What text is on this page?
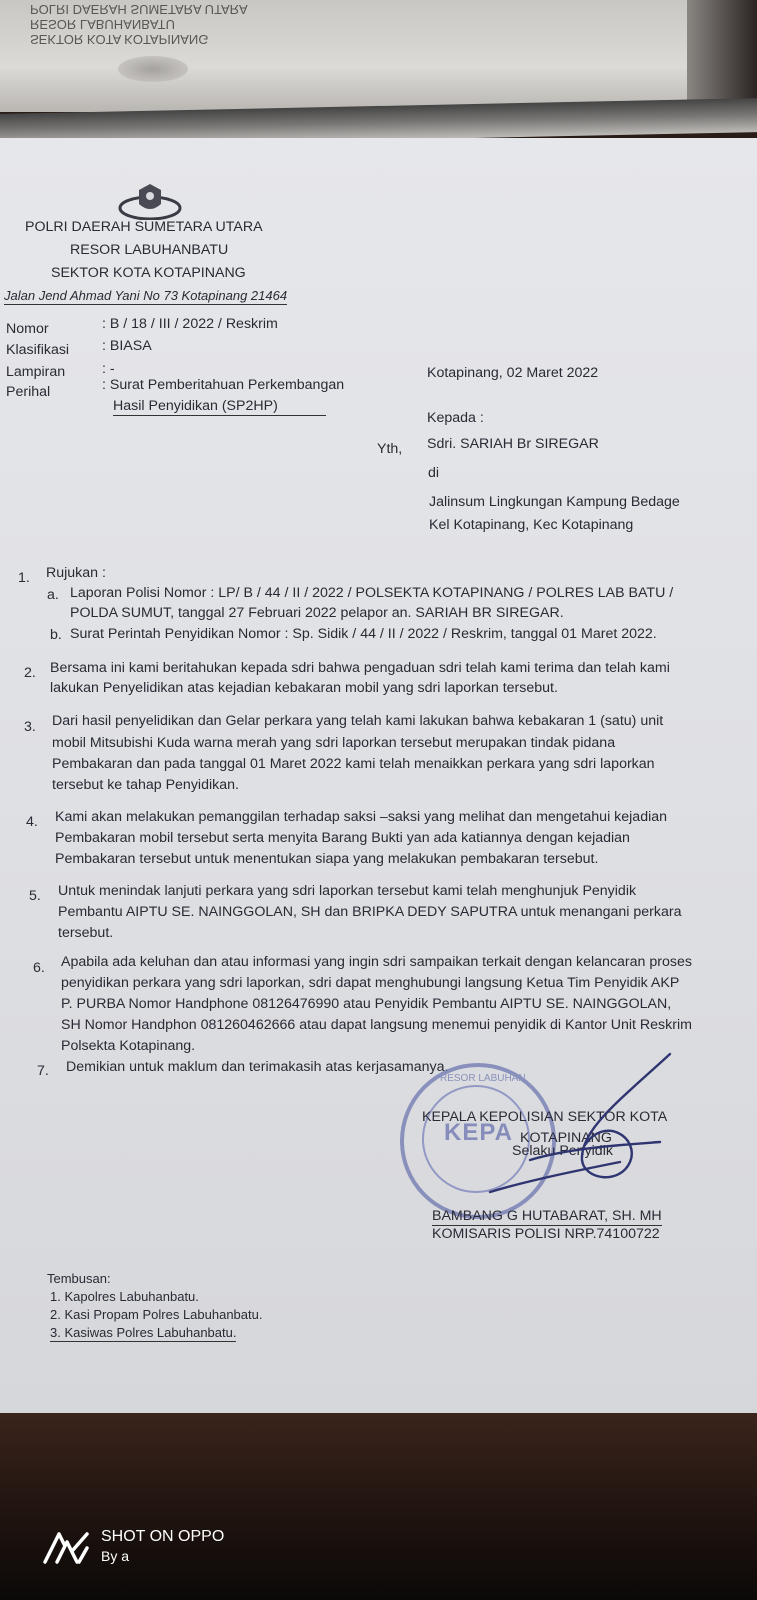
SEKTOR KOTA KOTAPINANG
RESOR LABUHANBATU
POLRI DAERAH SUMETARA UTARA
POLRI DAERAH SUMETARA UTARA
RESOR LABUHANBATU
SEKTOR KOTA KOTAPINANG
Jalan Jend Ahmad Yani No 73 Kotapinang 21464
Nomor	: B / 18 / III / 2022 / Reskrim
Klasifikasi : BIASA
Lampiran	: -
Perihal	: Surat Pemberitahuan Perkembangan
Hasil Penyidikan (SP2HP)
Kotapinang, 02 Maret 2022
Kepada :
Yth, Sdri. SARIAH Br SIREGAR
di
Jalinsum Lingkungan Kampung Bedage
Kel Kotapinang, Kec Kotapinang
1. Rujukan :
a. Laporan Polisi Nomor : LP/ B / 44 / II / 2022 / POLSEKTA KOTAPINANG / POLRES LAB BATU /
POLDA SUMUT, tanggal 27 Februari 2022 pelapor an. SARIAH BR SIREGAR.
b. Surat Perintah Penyidikan Nomor : Sp. Sidik / 44 / II / 2022 / Reskrim, tanggal 01 Maret 2022.
2. Bersama ini kami beritahukan kepada sdri bahwa pengaduan sdri telah kami terima dan telah kami
lakukan Penyelidikan atas kejadian kebakaran mobil yang sdri laporkan tersebut.
3. Dari hasil penyelidikan dan Gelar perkara yang telah kami lakukan bahwa kebakaran 1 (satu) unit
mobil Mitsubishi Kuda warna merah yang sdri laporkan tersebut merupakan tindak pidana
Pembakaran dan pada tanggal 01 Maret 2022 kami telah menaikkan perkara yang sdri laporkan
tersebut ke tahap Penyidikan.
4. Kami akan melakukan pemanggilan terhadap saksi –saksi yang melihat dan mengetahui kejadian
Pembakaran mobil tersebut serta menyita Barang Bukti yan ada katiannya dengan kejadian
Pembakaran tersebut untuk menentukan siapa yang melakukan pembakaran tersebut.
5. Untuk menindak lanjuti perkara yang sdri laporkan tersebut kami telah menghunjuk Penyidik
Pembantu AIPTU SE. NAINGGOLAN, SH dan BRIPKA DEDY SAPUTRA untuk menangani perkara
tersebut.
6. Apabila ada keluhan dan atau informasi yang ingin sdri sampaikan terkait dengan kelancaran proses
penyidikan perkara yang sdri laporkan, sdri dapat menghubungi langsung Ketua Tim Penyidik AKP
P. PURBA Nomor Handphone 08126476990 atau Penyidik Pembantu AIPTU SE. NAINGGOLAN,
SH Nomor Handphon 081260462666 atau dapat langsung menemui penyidik di Kantor Unit Reskrim
Polsekta Kotapinang.
7. Demikian untuk maklum dan terimakasih atas kerjasamanya.
RESOR LABUHAN
KEPA
KEPALA KEPOLISIAN SEKTOR KOTA
KOTAPINANG
Selaku Penyidik
BAMBANG G HUTABARAT, SH. MH
KOMISARIS POLISI NRP.74100722
Tembusan:
1. Kapolres Labuhanbatu.
2. Kasi Propam Polres Labuhanbatu.
3. Kasiwas Polres Labuhanbatu.
SHOT ON OPPO
By a
